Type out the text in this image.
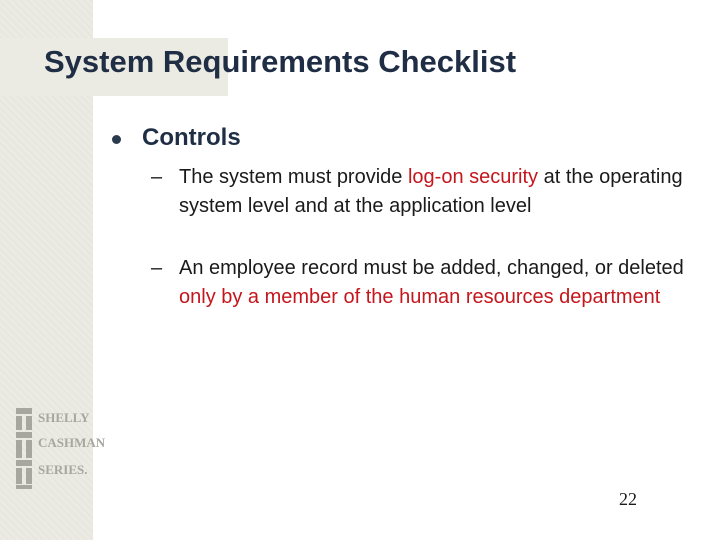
System Requirements Checklist
Controls
– The system must provide log-on security at the operating system level and at the application level
– An employee record must be added, changed, or deleted only by a member of the human resources department
SHELLY
CASHMAN
SERIES.
22
